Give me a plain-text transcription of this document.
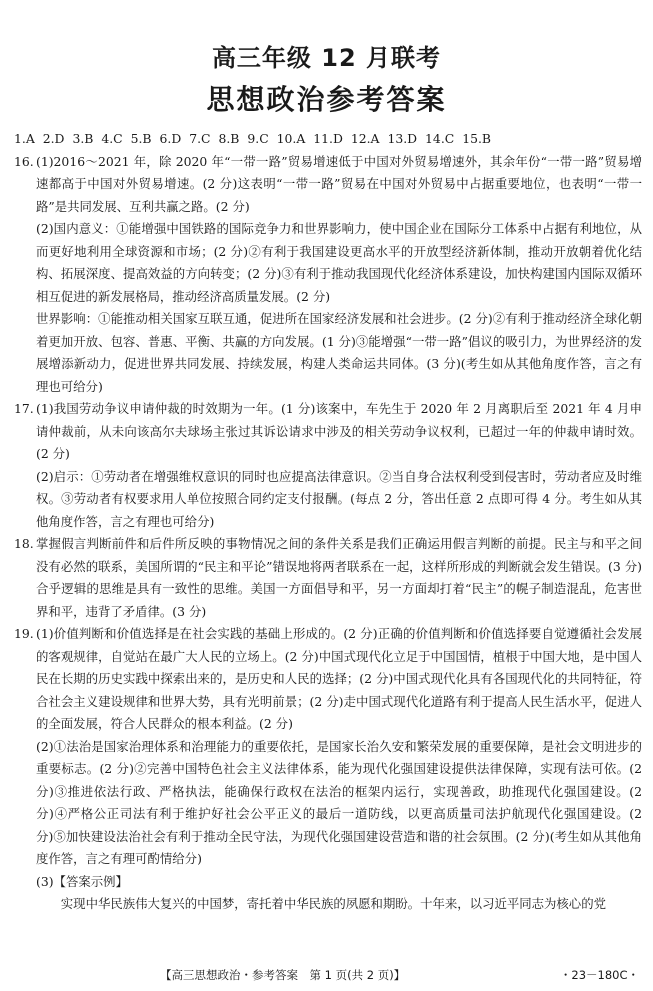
高三年级 12 月联考
思想政治参考答案
1.A 2.D 3.B 4.C 5.B 6.D 7.C 8.B 9.C 10.A 11.D 12.A 13.D 14.C 15.B
16. (1)2016～2021 年，除 2020 年“一带一路”贸易增速低于中国对外贸易增速外，其余年份“一带一路”贸易增速都高于中国对外贸易增速。(2 分)这表明“一带一路”贸易在中国对外贸易中占据重要地位，也表明“一带一路”是共同发展、互利共赢之路。(2 分)

(2)国内意义：①能增强中国铁路的国际竞争力和世界影响力，使中国企业在国际分工体系中占据有利地位，从而更好地利用全球资源和市场；(2 分)②有利于我国建设更高水平的开放型经济新体制，推动开放朝着优化结构、拓展深度、提高效益的方向转变；(2 分)③有利于推动我国现代化经济体系建设，加快构建国内国际双循环相互促进的新发展格局，推动经济高质量发展。(2 分)

世界影响：①能推动相关国家互联互通，促进所在国家经济发展和社会进步。(2 分)②有利于推动经济全球化朝着更加开放、包容、普惠、平衡、共赢的方向发展。(1 分)③能增强“一带一路”倡议的吸引力，为世界经济的发展增添新动力，促进世界共同发展、持续发展，构建人类命运共同体。(3 分)(考生如从其他角度作答，言之有理也可给分)

17. (1)我国劳动争议申请仲裁的时效期为一年。(1 分)该案中，车先生于 2020 年 2 月离职后至 2021 年 4 月申请仲裁前，从未向该高尔夫球场主张过其诉讼请求中涉及的相关劳动争议权利，已超过一年的仲裁申请时效。(2 分)

(2)启示：①劳动者在增强维权意识的同时也应提高法律意识。②当自身合法权利受到侵害时，劳动者应及时维权。③劳动者有权要求用人单位按照合同约定支付报酬。(每点 2 分，答出任意 2 点即可得 4 分。考生如从其他角度作答，言之有理也可给分)

18. 掌握假言判断前件和后件所反映的事物情况之间的条件关系是我们正确运用假言判断的前提。民主与和平之间没有必然的联系，美国所谓的“民主和平论”错误地将两者联系在一起，这样所形成的判断就会发生错误。(3 分)合乎逻辑的思维是具有一致性的思维。美国一方面倡导和平，另一方面却打着“民主”的幌子制造混乱，危害世界和平，违背了矛盾律。(3 分)

19. (1)价值判断和价值选择是在社会实践的基础上形成的。(2 分)正确的价值判断和价值选择要自觉遵循社会发展的客观规律，自觉站在最广大人民的立场上。(2 分)中国式现代化立足于中国国情，植根于中国大地，是中国人民在长期的历史实践中探索出来的，是历史和人民的选择；(2 分)中国式现代化具有各国现代化的共同特征，符合社会主义建设规律和世界大势，具有光明前景；(2 分)走中国式现代化道路有利于提高人民生活水平，促进人的全面发展，符合人民群众的根本利益。(2 分)

(2)①法治是国家治理体系和治理能力的重要依托，是国家长治久安和繁荣发展的重要保障，是社会文明进步的重要标志。(2 分)②完善中国特色社会主义法律体系，能为现代化强国建设提供法律保障，实现有法可依。(2 分)③推进依法行政、严格执法，能确保行政权在法治的框架内运行，实现善政，助推现代化强国建设。(2 分)④严格公正司法有利于维护好社会公平正义的最后一道防线，以更高质量司法护航现代化强国建设。(2 分)⑤加快建设法治社会有利于推动全民守法，为现代化强国建设营造和谐的社会氛围。(2 分)(考生如从其他角度作答，言之有理可酌情给分)

(3)【答案示例】

实现中华民族伟大复兴的中国梦，寄托着中华民族的夙愿和期盼。十年来，以习近平同志为核心的党

【高三思想政治・参考答案　第 1 页(共 2 页)】	・23－180C・
